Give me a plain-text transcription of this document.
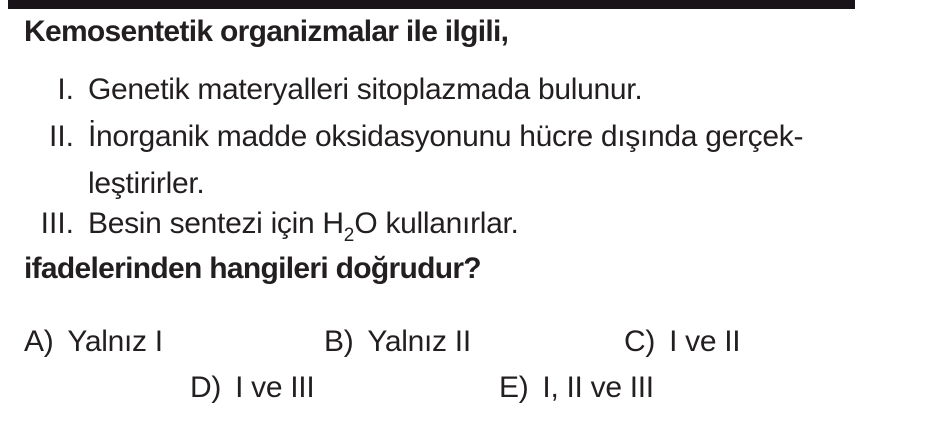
Kemosentetik organizmalar ile ilgili,
I. Genetik materyalleri sitoplazmada bulunur.
II. İnorganik madde oksidasyonunu hücre dışında gerçek-
leştirirler.
III. Besin sentezi için $H_2O$ kullanırlar.
ifadelerinden hangileri doğrudur?
A) Yalnız I	B) Yalnız II	C) I ve II
D) I ve III	E) I, II ve III
